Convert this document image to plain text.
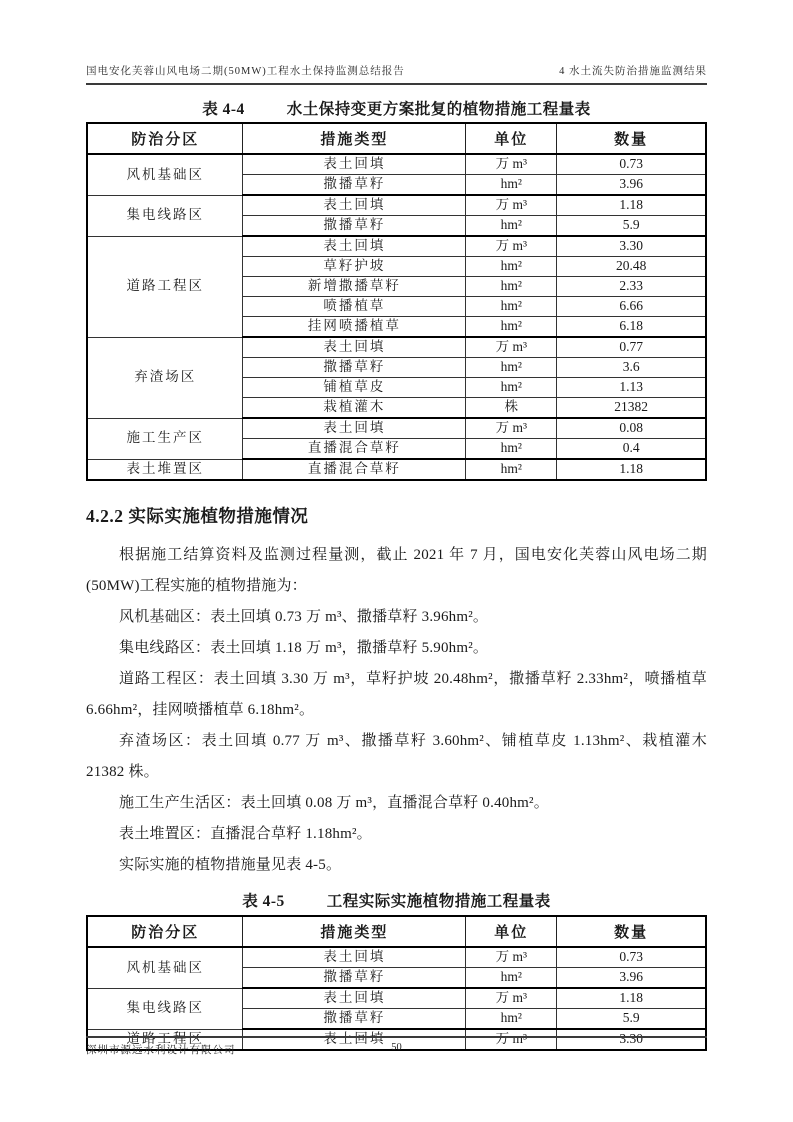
国电安化芙蓉山风电场二期(50MW)工程水土保持监测总结报告	4 水土流失防治措施监测结果
表 4-4	水土保持变更方案批复的植物措施工程量表
防治分区	措施类型	单位	数量
风机基础区	表土回填	万 m³	0.73
	撒播草籽	hm²	3.96
集电线路区	表土回填	万 m³	1.18
	撒播草籽	hm²	5.9
道路工程区	表土回填	万 m³	3.30
	草籽护坡	hm²	20.48
	新增撒播草籽	hm²	2.33
	喷播植草	hm²	6.66
	挂网喷播植草	hm²	6.18
弃渣场区	表土回填	万 m³	0.77
	撒播草籽	hm²	3.6
	铺植草皮	hm²	1.13
	栽植灌木	株	21382
施工生产区	表土回填	万 m³	0.08
	直播混合草籽	hm²	0.4
表土堆置区	直播混合草籽	hm²	1.18
4.2.2 实际实施植物措施情况

根据施工结算资料及监测过程量测，截止 2021 年 7 月，国电安化芙蓉山风电场二期(50MW)工程实施的植物措施为：

风机基础区：表土回填 0.73 万 m³、撒播草籽 3.96hm²。

集电线路区：表土回填 1.18 万 m³，撒播草籽 5.90hm²。

道路工程区：表土回填 3.30 万 m³，草籽护坡 20.48hm²，撒播草籽 2.33hm²，喷播植草 6.66hm²，挂网喷播植草 6.18hm²。

弃渣场区：表土回填 0.77 万 m³、撒播草籽 3.60hm²、铺植草皮 1.13hm²、栽植灌木 21382 株。

施工生产生活区：表土回填 0.08 万 m³，直播混合草籽 0.40hm²。

表土堆置区：直播混合草籽 1.18hm²。

实际实施的植物措施量见表 4-5。

表 4-5	工程实际实施植物措施工程量表
防治分区	措施类型	单位	数量
风机基础区	表土回填	万 m³	0.73
	撒播草籽	hm²	3.96
集电线路区	表土回填	万 m³	1.18
	撒播草籽	hm²	5.9
道路工程区	表土回填	万 m³	3.30
深圳市源远水利设计有限公司	50
